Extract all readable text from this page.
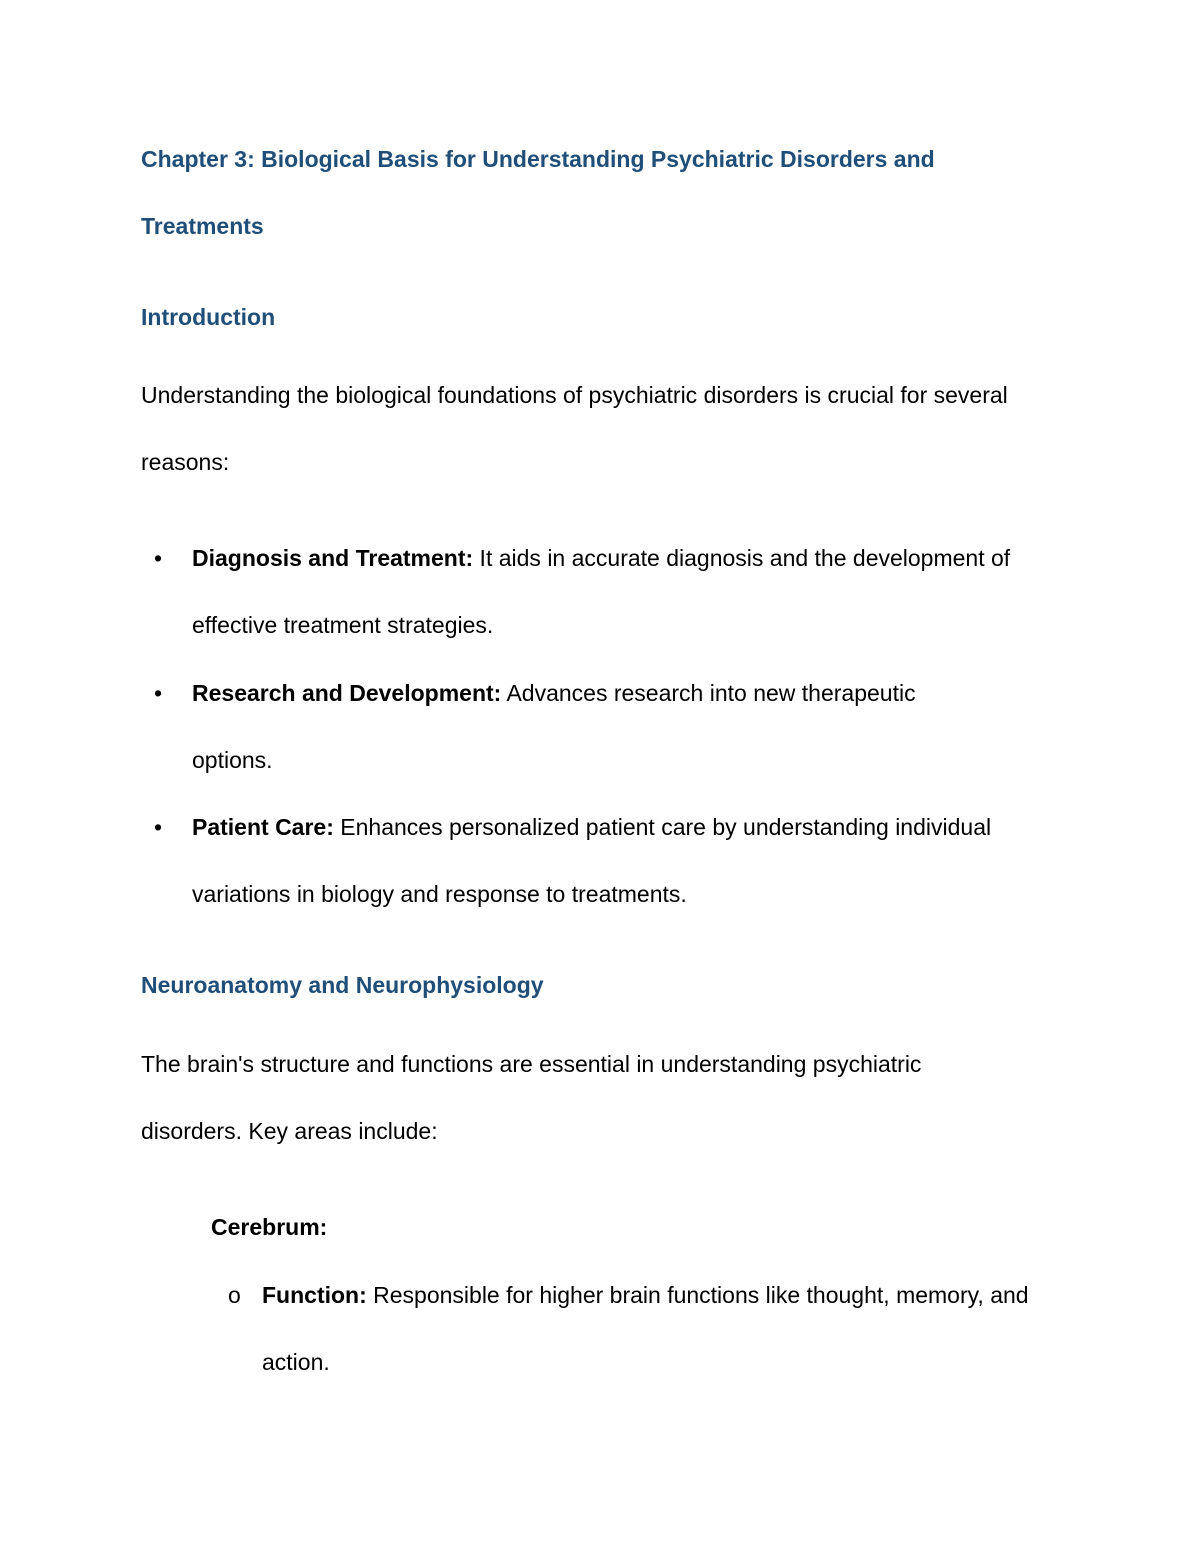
Chapter 3: Biological Basis for Understanding Psychiatric Disorders and Treatments
Introduction

Understanding the biological foundations of psychiatric disorders is crucial for several reasons:

• Diagnosis and Treatment: It aids in accurate diagnosis and the development of effective treatment strategies.

• Research and Development: Advances research into new therapeutic options.

• Patient Care: Enhances personalized patient care by understanding individual variations in biology and response to treatments.

Neuroanatomy and Neurophysiology

The brain's structure and functions are essential in understanding psychiatric disorders. Key areas include:

Cerebrum:
o Function: Responsible for higher brain functions like thought, memory, and action.
